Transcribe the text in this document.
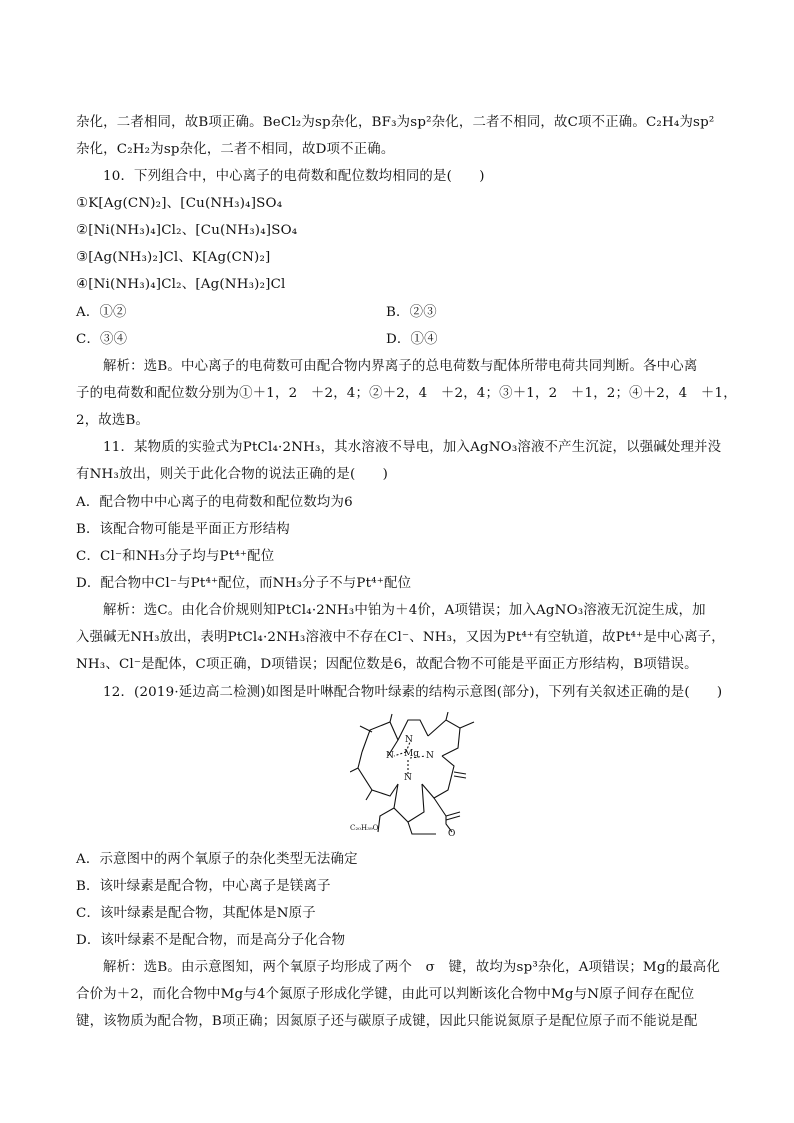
杂化，二者相同，故B项正确。BeCl₂为sp杂化，BF₃为sp²杂化，二者不相同，故C项不正确。C₂H₄为sp²
杂化，C₂H₂为sp杂化，二者不相同，故D项不正确。
10．下列组合中，中心离子的电荷数和配位数均相同的是(　　)
①K[Ag(CN)₂]、[Cu(NH₃)₄]SO₄
②[Ni(NH₃)₄]Cl₂、[Cu(NH₃)₄]SO₄
③[Ag(NH₃)₂]Cl、K[Ag(CN)₂]
④[Ni(NH₃)₄]Cl₂、[Ag(NH₃)₂]Cl
A．①②	B．②③
C．③④	D．①④
解析：选B。中心离子的电荷数可由配合物内界离子的总电荷数与配体所带电荷共同判断。各中心离
子的电荷数和配位数分别为①＋1，2　＋2，4；②＋2，4　＋2，4；③＋1，2　＋1，2；④＋2，4　＋1，
2，故选B。
11．某物质的实验式为PtCl₄·2NH₃，其水溶液不导电，加入AgNO₃溶液不产生沉淀，以强碱处理并没
有NH₃放出，则关于此化合物的说法正确的是(　　)
A．配合物中中心离子的电荷数和配位数均为6
B．该配合物可能是平面正方形结构
C．Cl⁻和NH₃分子均与Pt⁴⁺配位
D．配合物中Cl⁻与Pt⁴⁺配位，而NH₃分子不与Pt⁴⁺配位
解析：选C。由化合价规则知PtCl₄·2NH₃中铂为＋4价，A项错误；加入AgNO₃溶液无沉淀生成，加
入强碱无NH₃放出，表明PtCl₄·2NH₃溶液中不存在Cl⁻、NH₃，又因为Pt⁴⁺有空轨道，故Pt⁴⁺是中心离子，
NH₃、Cl⁻是配体，C项正确，D项错误；因配位数是6，故配合物不可能是平面正方形结构，B项错误。
12．(2019·延边高二检测)如图是叶啉配合物叶绿素的结构示意图(部分)，下列有关叙述正确的是(　　)
Mg
N
N	N
N
O
C₂₀H₃₉O
A．示意图中的两个氧原子的杂化类型无法确定
B．该叶绿素是配合物，中心离子是镁离子
C．该叶绿素是配合物，其配体是N原子
D．该叶绿素不是配合物，而是高分子化合物
解析：选B。由示意图知，两个氧原子均形成了两个　σ　键，故均为sp³杂化，A项错误；Mg的最高化
合价为＋2，而化合物中Mg与4个氮原子形成化学键，由此可以判断该化合物中Mg与N原子间存在配位
键，该物质为配合物，B项正确；因氮原子还与碳原子成键，因此只能说氮原子是配位原子而不能说是配
